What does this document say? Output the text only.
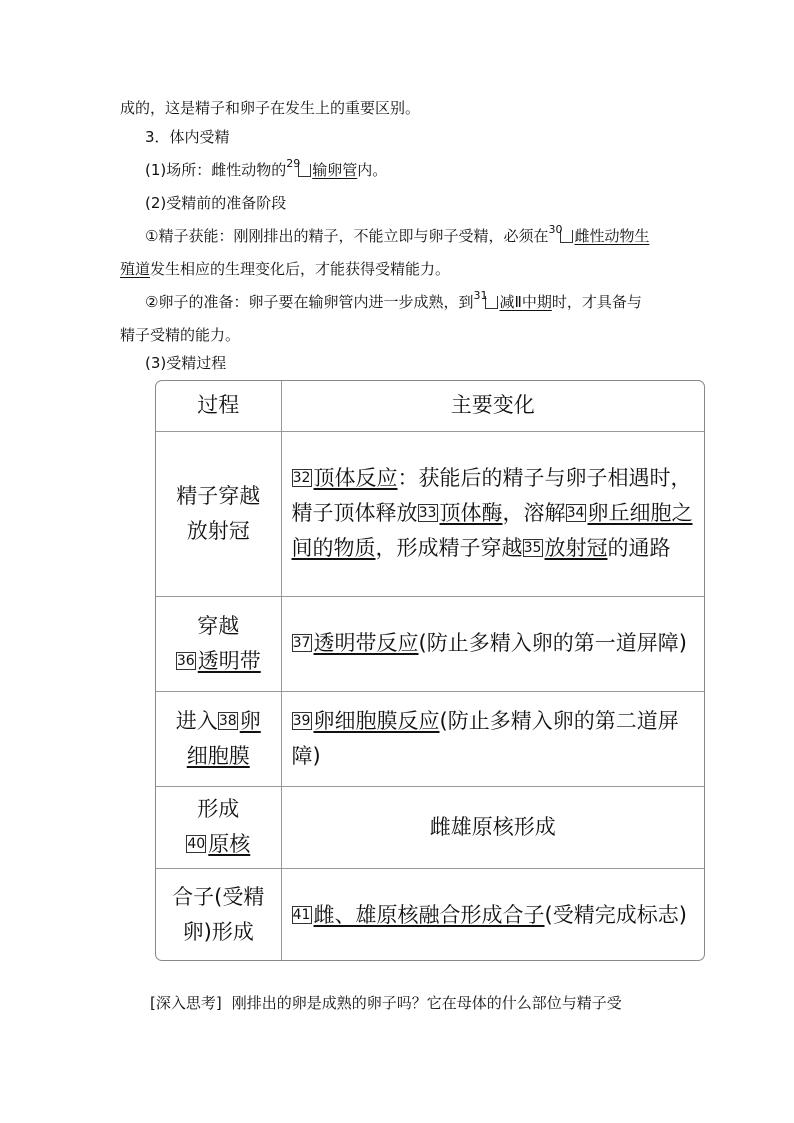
成的，这是精子和卵子在发生上的重要区别。
3．体内受精
(1)场所：雌性动物的$^{29}$ 输卵管内。
(2)受精前的准备阶段
①精子获能：刚刚排出的精子，不能立即与卵子受精，必须在$^{30}$ 雌性动物生
殖道发生相应的生理变化后，才能获得受精能力。
②卵子的准备：卵子要在输卵管内进一步成熟，到$^{31}$ 减Ⅱ中期时，才具备与
精子受精的能力。
(3)受精过程
过程	主要变化
精子穿越放射冠	32 顶体反应：获能后的精子与卵子相遇时，精子顶体释放33 顶体酶，溶解34 卵丘细胞之间的物质，形成精子穿越35 放射冠的通路
穿越
36 透明带	37 透明带反应(防止多精入卵的第一道屏障)
进入38 卵细胞膜	39 卵细胞膜反应(防止多精入卵的第二道屏障)
形成
40 原核	雌雄原核形成
合子(受精卵)形成	41 雌、雄原核融合形成合子(受精完成标志)
[深入思考] 刚排出的卵是成熟的卵子吗？它在母体的什么部位与精子受
